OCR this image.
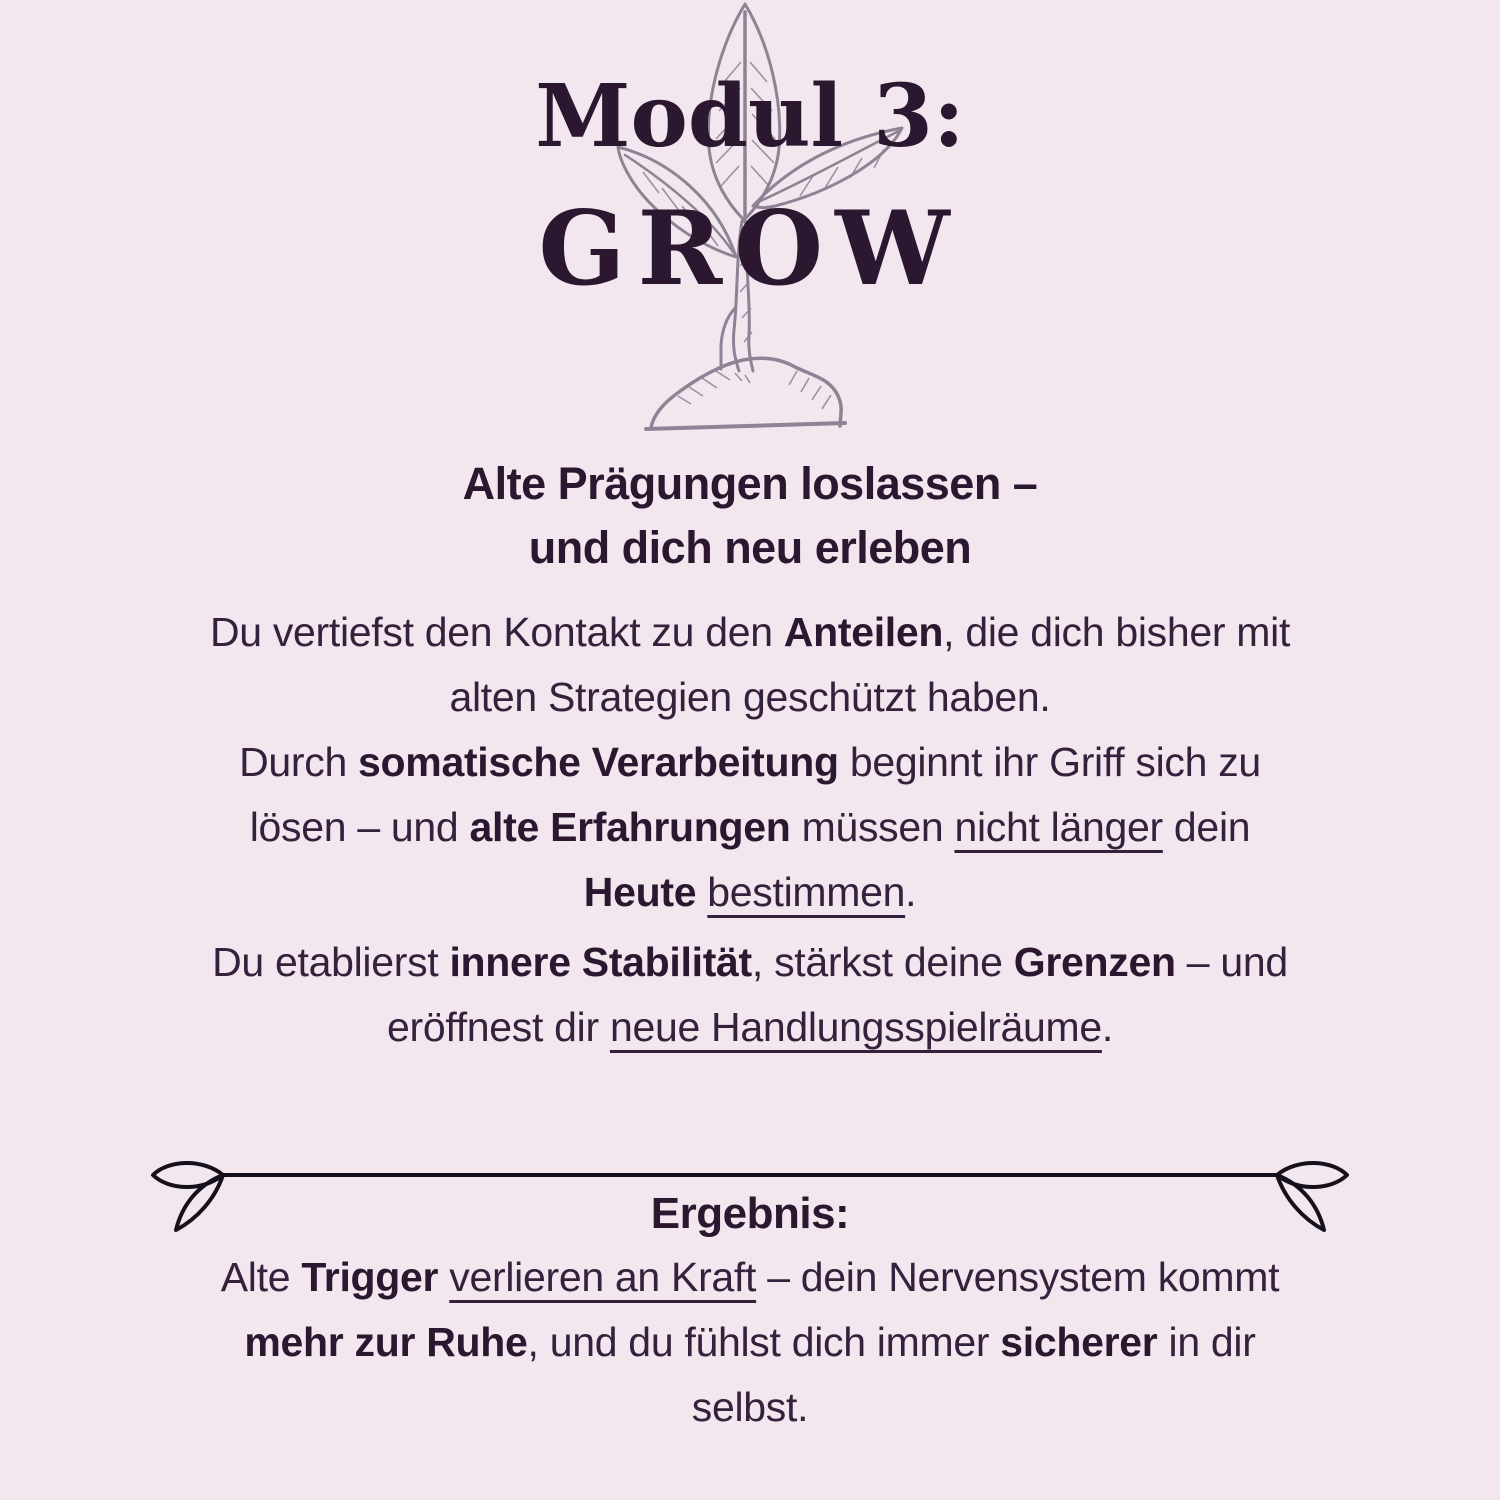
Modul 3:
GROW
Alte Prägungen loslassen –
und dich neu erleben
Du vertiefst den Kontakt zu den Anteilen, die dich bisher mit
alten Strategien geschützt haben.
Durch somatische Verarbeitung beginnt ihr Griff sich zu
lösen – und alte Erfahrungen müssen nicht länger dein
Heute bestimmen.
Du etablierst innere Stabilität, stärkst deine Grenzen – und
eröffnest dir neue Handlungsspielräume.
Ergebnis:
Alte Trigger verlieren an Kraft – dein Nervensystem kommt
mehr zur Ruhe, und du fühlst dich immer sicherer in dir
selbst.
